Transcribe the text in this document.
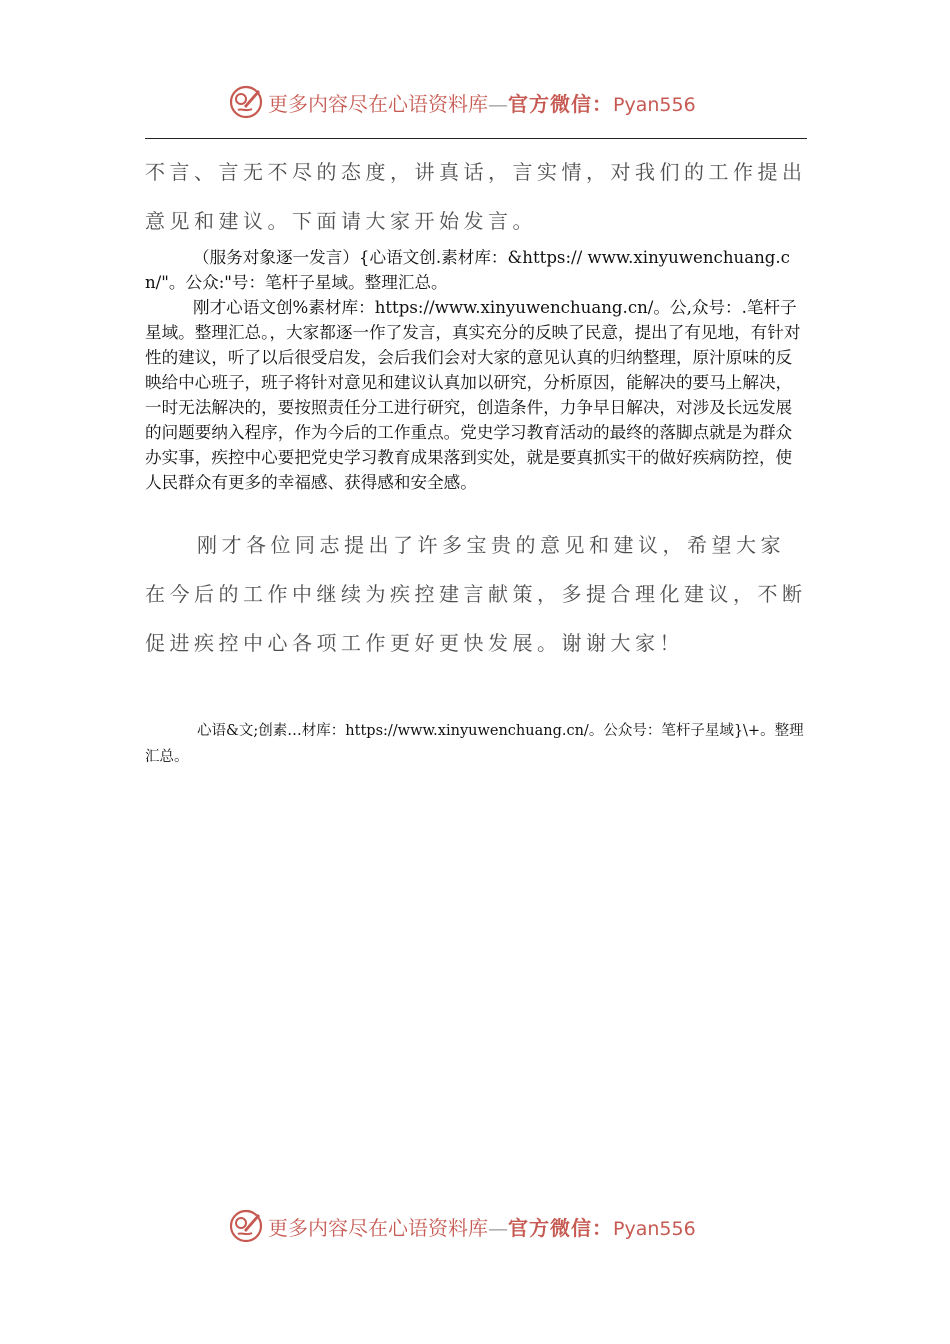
更多内容尽在心语资料库—官方微信：Pyan556
不言、言无不尽的态度，讲真话，言实情，对我们的工作提出意见和建议。下面请大家开始发言。
（服务对象逐一发言）{心语文创.素材库：&https:// www.xinyuwenchuang.cn/"。公众:"号：笔杆子星域。整理汇总。
刚才心语文创%素材库：https://www.xinyuwenchuang.cn/。公,众号：.笔杆子星域。整理汇总。，大家都逐一作了发言，真实充分的反映了民意，提出了有见地，有针对性的建议，听了以后很受启发，会后我们会对大家的意见认真的归纳整理，原汁原味的反映给中心班子，班子将针对意见和建议认真加以研究，分析原因，能解决的要马上解决，一时无法解决的，要按照责任分工进行研究，创造条件，力争早日解决，对涉及长远发展的问题要纳入程序，作为今后的工作重点。党史学习教育活动的最终的落脚点就是为群众办实事，疾控中心要把党史学习教育成果落到实处，就是要真抓实干的做好疾病防控，使人民群众有更多的幸福感、获得感和安全感。
刚才各位同志提出了许多宝贵的意见和建议，希望大家在今后的工作中继续为疾控建言献策，多提合理化建议，不断促进疾控中心各项工作更好更快发展。谢谢大家！
心语&文;创素…材库：https://www.xinyuwenchuang.cn/。公众号：笔杆子星域}\+。整理汇总。
更多内容尽在心语资料库—官方微信：Pyan556
